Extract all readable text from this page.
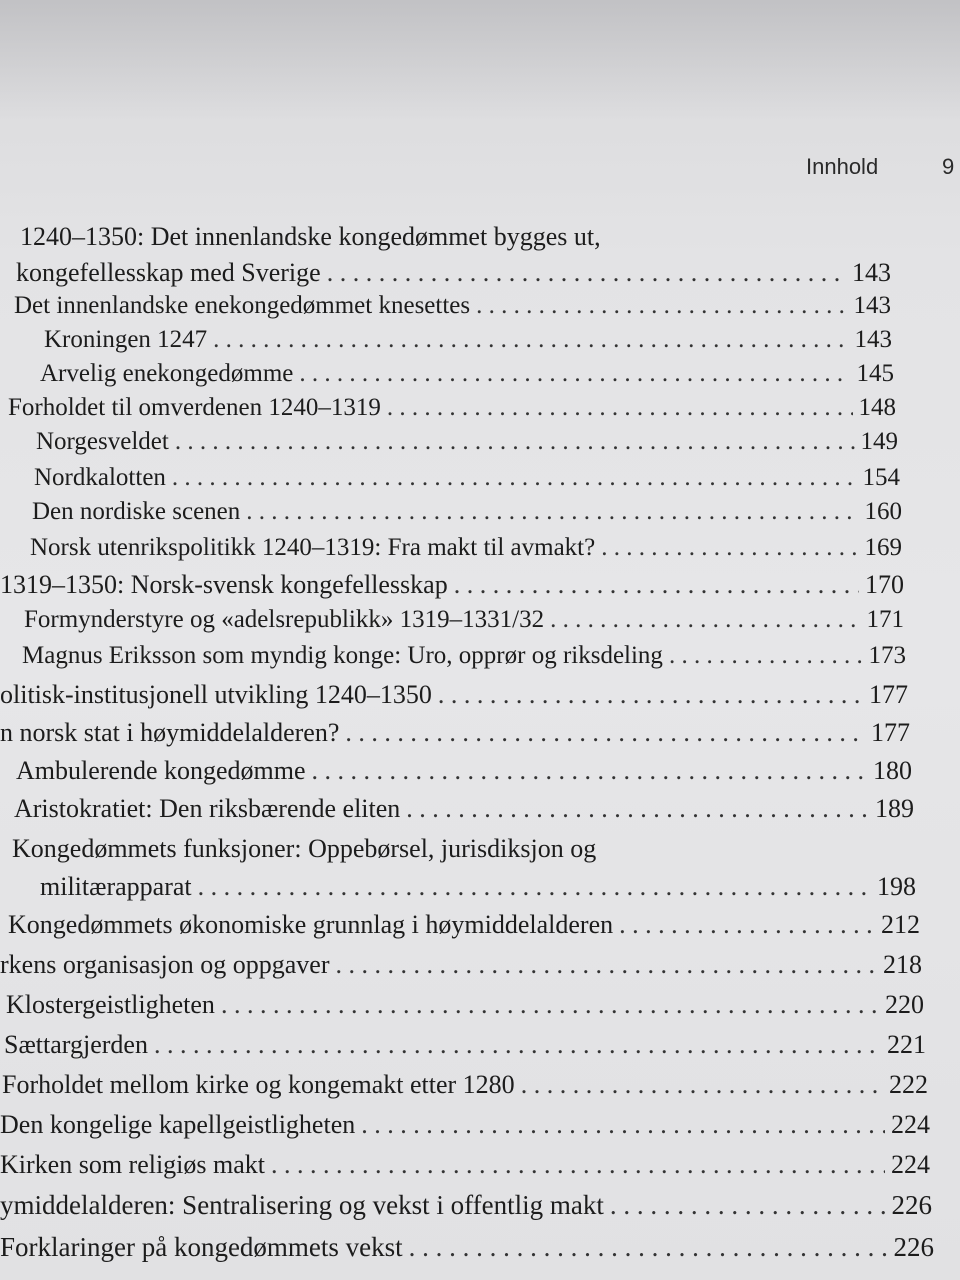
Innhold	9
1240–1350: Det innenlandske kongedømmet bygges ut,
kongefellesskap med Sverige . . .	143
Det innenlandske enekongedømmet knesettes . . .	143
Kroningen 1247 . . .	143
Arvelig enekongedømme . . .	145
Forholdet til omverdenen 1240–1319 . . .	148
Norgesveldet . . .	149
Nordkalotten . . .	154
Den nordiske scenen . . .	160
Norsk utenrikspolitikk 1240–1319: Fra makt til avmakt? . . .	169
1319–1350: Norsk-svensk kongefellesskap . . .	170
Formynderstyre og «adelsrepublikk» 1319–1331/32 . . .	171
Magnus Eriksson som myndig konge: Uro, opprør og riksdeling . . .	173
olitisk-institusjonell utvikling 1240–1350 . . .	177
n norsk stat i høymiddelalderen? . . .	177
Ambulerende kongedømme . . .	180
Aristokratiet: Den riksbærende eliten . . .	189
Kongedømmets funksjoner: Oppebørsel, jurisdiksjon og
militærapparat . . .	198
Kongedømmets økonomiske grunnlag i høymiddelalderen . . .	212
rkens organisasjon og oppgaver . . .	218
Klostergeistligheten . . .	220
Sættargjerden . . .	221
Forholdet mellom kirke og kongemakt etter 1280 . . .	222
Den kongelige kapellgeistligheten . . .	224
Kirken som religiøs makt . . .	224
ymiddelalderen: Sentralisering og vekst i offentlig makt . . .	226
Forklaringer på kongedømmets vekst . . .	226
